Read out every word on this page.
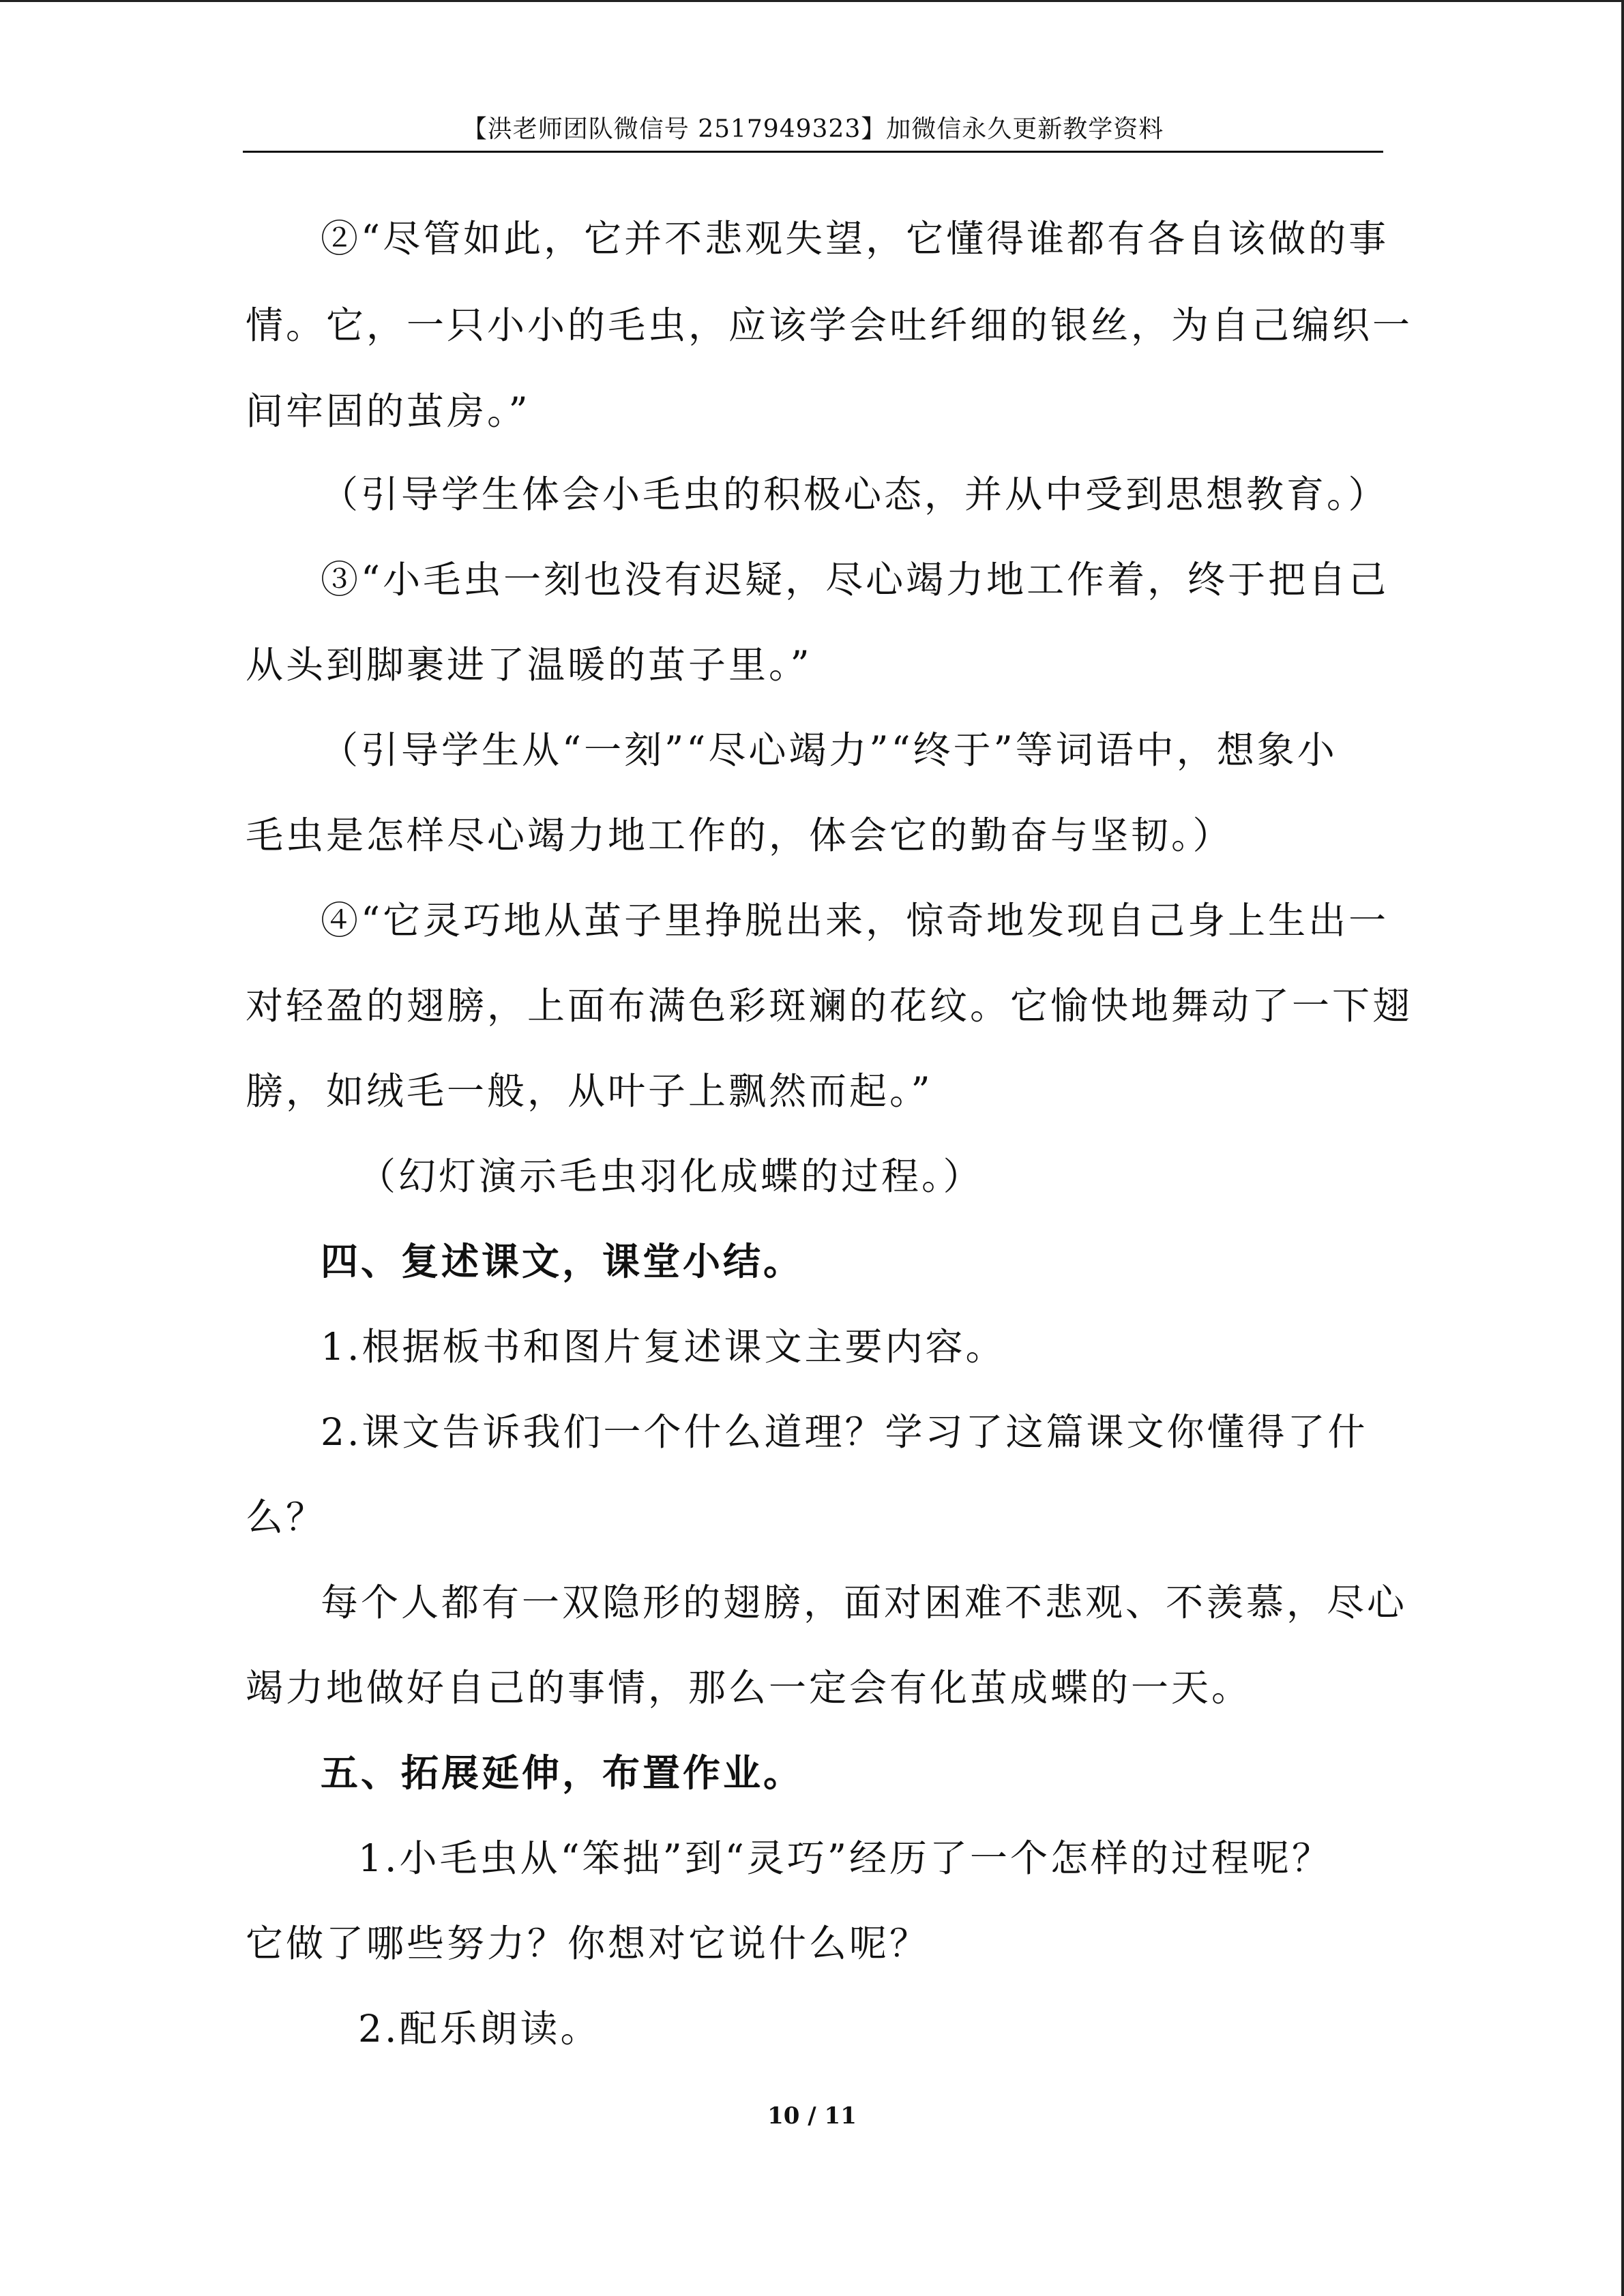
【洪老师团队微信号 2517949323】加微信永久更新教学资料
②“尽管如此，它并不悲观失望，它懂得谁都有各自该做的事
情。它，一只小小的毛虫，应该学会吐纤细的银丝，为自己编织一
间牢固的茧房。”
（引导学生体会小毛虫的积极心态，并从中受到思想教育。）
③“小毛虫一刻也没有迟疑，尽心竭力地工作着，终于把自己
从头到脚裹进了温暖的茧子里。”
（引导学生从“一刻”“尽心竭力”“终于”等词语中，想象小
毛虫是怎样尽心竭力地工作的，体会它的勤奋与坚韧。）
④“它灵巧地从茧子里挣脱出来，惊奇地发现自己身上生出一
对轻盈的翅膀，上面布满色彩斑斓的花纹。它愉快地舞动了一下翅
膀，如绒毛一般，从叶子上飘然而起。”
（幻灯演示毛虫羽化成蝶的过程。）
四、复述课文，课堂小结。
1.根据板书和图片复述课文主要内容。
2.课文告诉我们一个什么道理？学习了这篇课文你懂得了什
么？
每个人都有一双隐形的翅膀，面对困难不悲观、不羡慕，尽心
竭力地做好自己的事情，那么一定会有化茧成蝶的一天。
五、拓展延伸，布置作业。
1.小毛虫从“笨拙”到“灵巧”经历了一个怎样的过程呢？
它做了哪些努力？你想对它说什么呢？
2.配乐朗读。
10 / 11
